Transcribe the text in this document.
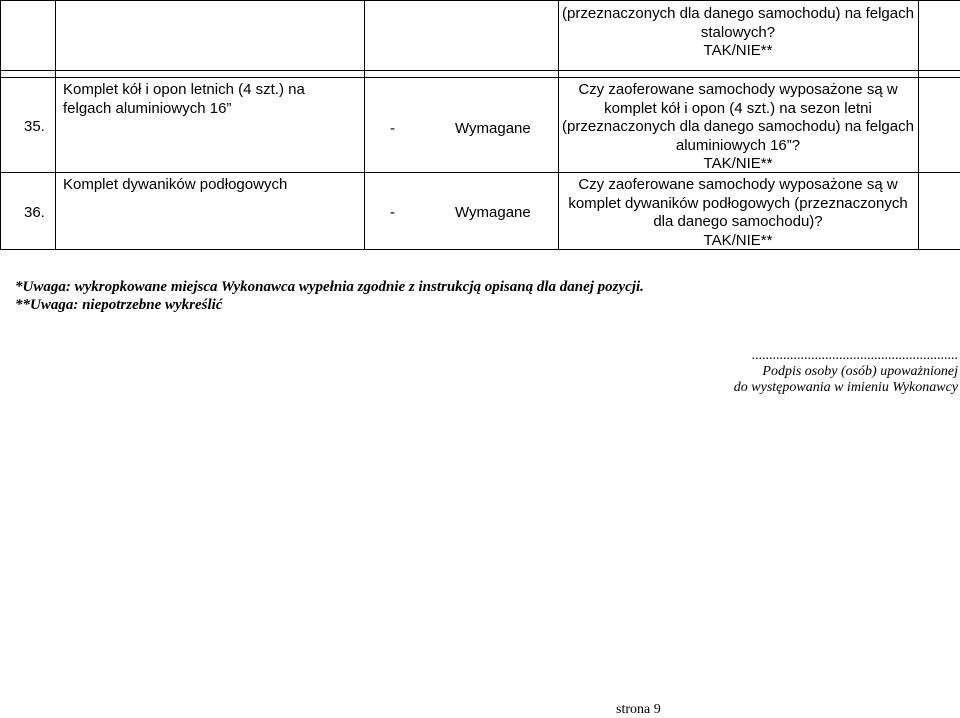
(przeznaczonych dla danego samochodu) na felgach stalowych?
TAK/NIE**
35.
Komplet kół i opon letnich (4 szt.) na felgach aluminiowych 16”
-	Wymagane
Czy zaoferowane samochody wyposażone są w komplet kół i opon (4 szt.) na sezon letni (przeznaczonych dla danego samochodu) na felgach aluminiowych 16”?
TAK/NIE**
36.
Komplet dywaników podłogowych
-	Wymagane
Czy zaoferowane samochody wyposażone są w komplet dywaników podłogowych (przeznaczonych dla danego samochodu)?
TAK/NIE**
*Uwaga: wykropkowane miejsca Wykonawca wypełnia zgodnie z instrukcją opisaną dla danej pozycji.
**Uwaga: niepotrzebne wykreślić
...........................................................
Podpis osoby (osób) upoważnionej
do występowania w imieniu Wykonawcy
strona 9
